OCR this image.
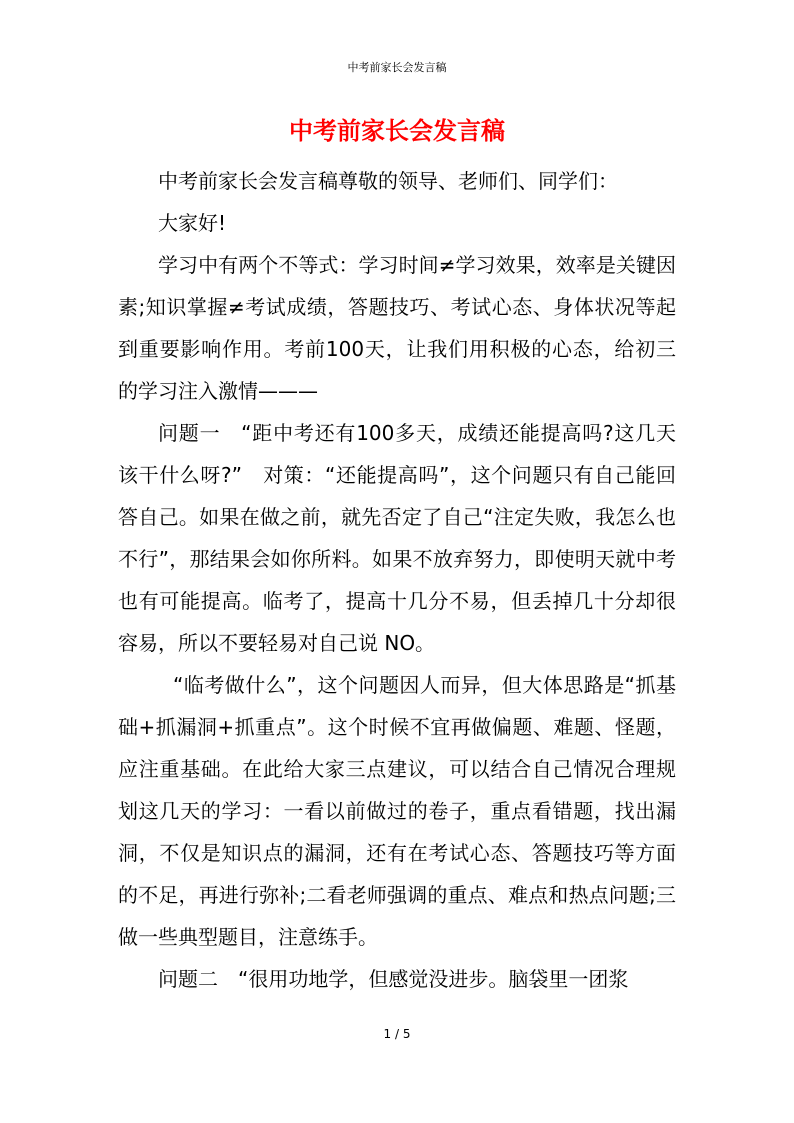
中考前家长会发言稿
中考前家长会发言稿

中考前家长会发言稿尊敬的领导、老师们、同学们：

大家好!

学习中有两个不等式：学习时间≠学习效果，效率是关键因素;知识掌握≠考试成绩，答题技巧、考试心态、身体状况等起到重要影响作用。考前100天，让我们用积极的心态，给初三的学习注入激情———

问题一　“距中考还有100多天，成绩还能提高吗?这几天该干什么呀?”　对策：“还能提高吗”，这个问题只有自己能回答自己。如果在做之前，就先否定了自己“注定失败，我怎么也不行”，那结果会如你所料。如果不放弃努力，即使明天就中考也有可能提高。临考了，提高十几分不易，但丢掉几十分却很容易，所以不要轻易对自己说 NO。

“临考做什么”，这个问题因人而异，但大体思路是“抓基础+抓漏洞+抓重点”。这个时候不宜再做偏题、难题、怪题，应注重基础。在此给大家三点建议，可以结合自己情况合理规划这几天的学习：一看以前做过的卷子，重点看错题，找出漏洞，不仅是知识点的漏洞，还有在考试心态、答题技巧等方面的不足，再进行弥补;二看老师强调的重点、难点和热点问题;三做一些典型题目，注意练手。

问题二　“很用功地学，但感觉没进步。脑袋里一团浆

1 / 5
